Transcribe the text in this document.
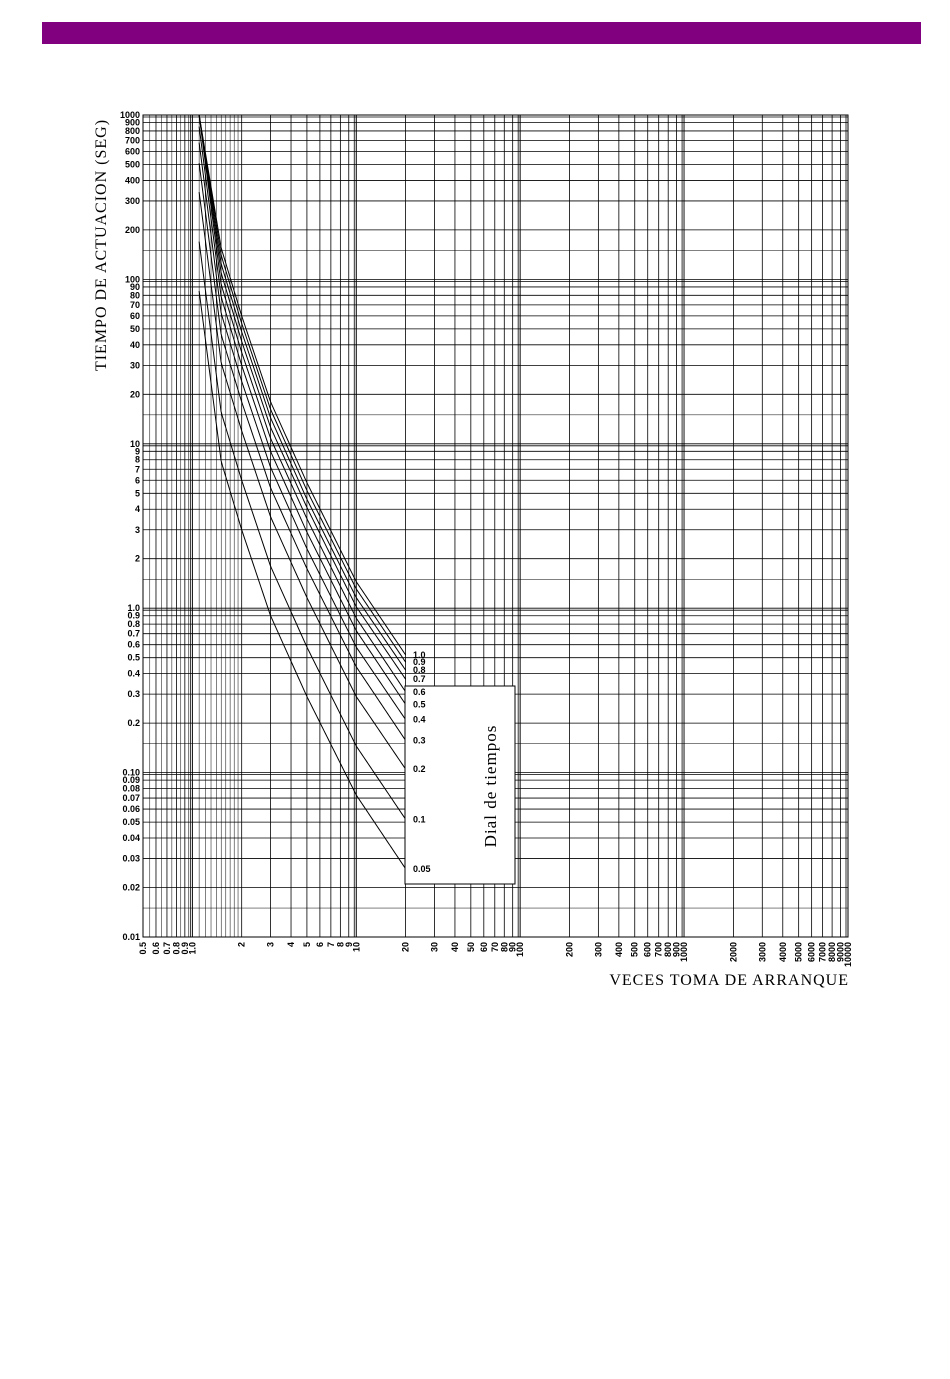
0.5 0.6 0.7 0.8
0.9
1.0	2 3 4 5 6 7 8
9
10	20 30 40 50 60 70 80
90
100	200 300 400 500 600 700 800
900
1000	2000 3000 4000 5000 6000 7000 8000
9000
10000
0.01
0.02
0.03
0.04
0.05
0.06
0.07
0.08
0.09
0.10
0.2
0.3
0.4
0.5
0.6
0.7
0.8
0.9
1.0
2
3
4
5
6
7
8
9
10
20
30
40
50
60
70
80
90
100
200
300
400
500
600
700
800
900
1000
TIEMPO DE ACTUACION (SEG)
VECES TOMA DE ARRANQUE
Dial de tiempos
0.05
0.1
0.2
0.3
0.4
0.5
0.6
0.7
0.8
0.9
1.0
